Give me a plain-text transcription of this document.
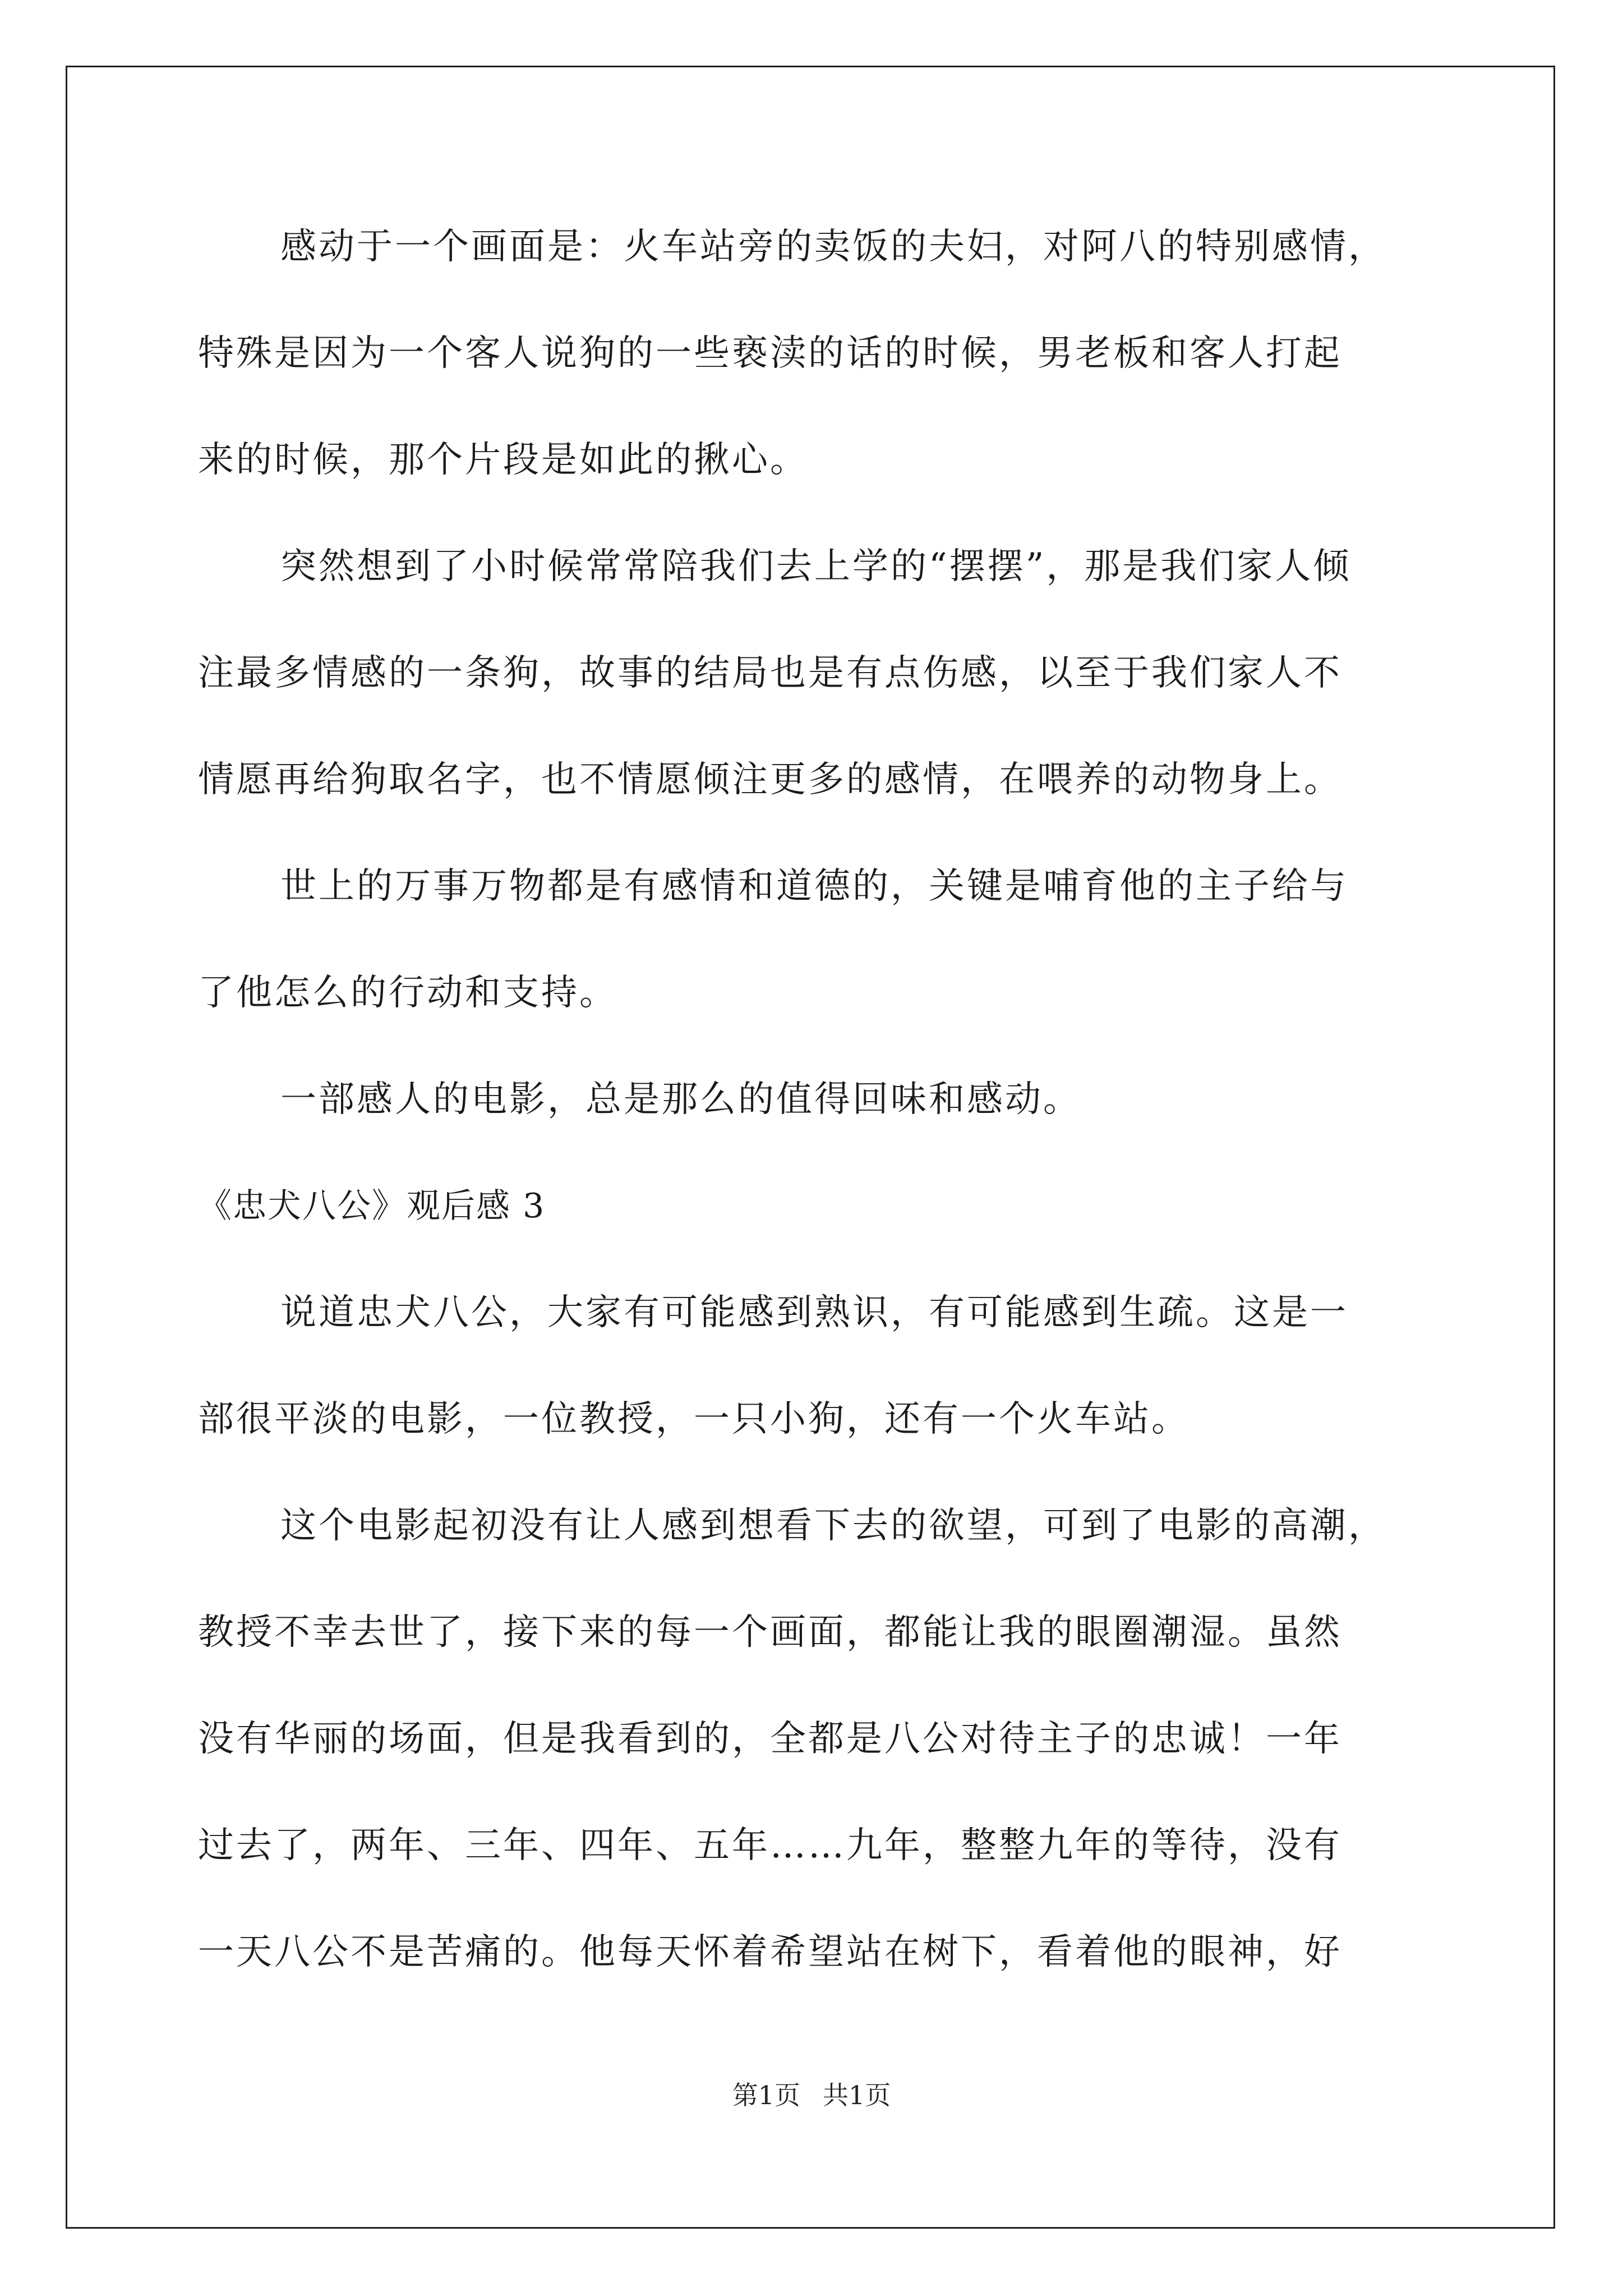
感动于一个画面是：火车站旁的卖饭的夫妇，对阿八的特别感情，
特殊是因为一个客人说狗的一些亵渎的话的时候，男老板和客人打起
来的时候，那个片段是如此的揪心。
突然想到了小时候常常陪我们去上学的“摆摆”，那是我们家人倾
注最多情感的一条狗，故事的结局也是有点伤感，以至于我们家人不
情愿再给狗取名字，也不情愿倾注更多的感情，在喂养的动物身上。
世上的万事万物都是有感情和道德的，关键是哺育他的主子给与
了他怎么的行动和支持。
一部感人的电影，总是那么的值得回味和感动。
《忠犬八公》观后感 3
说道忠犬八公，大家有可能感到熟识，有可能感到生疏。这是一
部很平淡的电影，一位教授，一只小狗，还有一个火车站。
这个电影起初没有让人感到想看下去的欲望，可到了电影的高潮，
教授不幸去世了，接下来的每一个画面，都能让我的眼圈潮湿。虽然
没有华丽的场面，但是我看到的，全都是八公对待主子的忠诚！一年
过去了，两年、三年、四年、五年……九年，整整九年的等待，没有
一天八公不是苦痛的。他每天怀着希望站在树下，看着他的眼神，好
第1页 共1页
